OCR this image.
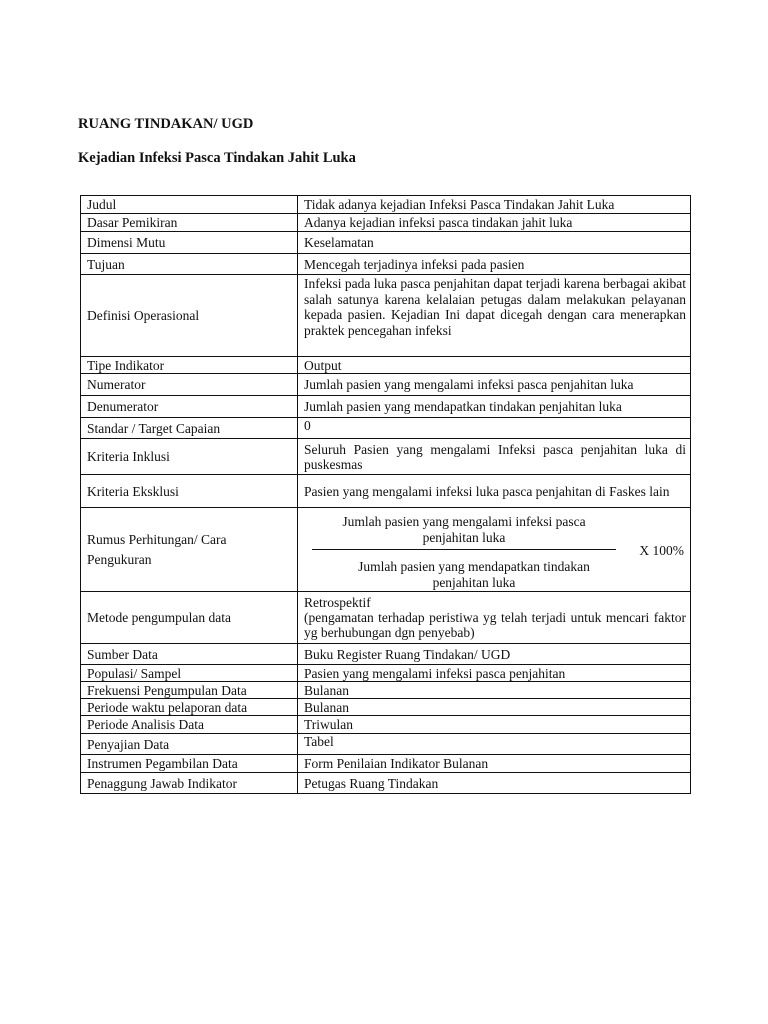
RUANG TINDAKAN/ UGD
Kejadian Infeksi Pasca Tindakan Jahit Luka
Judul	Tidak adanya kejadian Infeksi Pasca Tindakan Jahit Luka
Dasar Pemikiran	Adanya kejadian infeksi pasca tindakan jahit luka
Dimensi Mutu	Keselamatan
Tujuan	Mencegah terjadinya infeksi pada pasien
Definisi Operasional	Infeksi pada luka pasca penjahitan dapat terjadi karena berbagai akibat salah satunya karena kelalaian petugas dalam melakukan pelayanan kepada pasien. Kejadian Ini dapat dicegah dengan cara menerapkan praktek pencegahan infeksi
Tipe Indikator	Output
Numerator	Jumlah pasien yang mengalami infeksi pasca penjahitan luka
Denumerator	Jumlah pasien yang mendapatkan tindakan penjahitan luka
Standar / Target Capaian	0
Kriteria Inklusi	Seluruh Pasien yang mengalami Infeksi pasca penjahitan luka di puskesmas
Kriteria Eksklusi	Pasien yang mengalami infeksi luka pasca penjahitan di Faskes lain
Rumus Perhitungan/ Cara Pengukuran	Jumlah pasien yang mengalami infeksi pasca
penjahitan luka
Jumlah pasien yang mendapatkan tindakan
penjahitan luka
X 100%

Metode pengumpulan data	Retrospektif
(pengamatan terhadap peristiwa yg telah terjadi untuk mencari faktor yg berhubungan dgn penyebab)

Sumber Data	Buku Register Ruang Tindakan/ UGD
Populasi/ Sampel	Pasien yang mengalami infeksi pasca penjahitan
Frekuensi Pengumpulan Data	Bulanan
Periode waktu pelaporan data	Bulanan
Periode Analisis Data	Triwulan
Penyajian Data	Tabel
Instrumen Pegambilan Data	Form Penilaian Indikator Bulanan
Penaggung Jawab Indikator	Petugas Ruang Tindakan
